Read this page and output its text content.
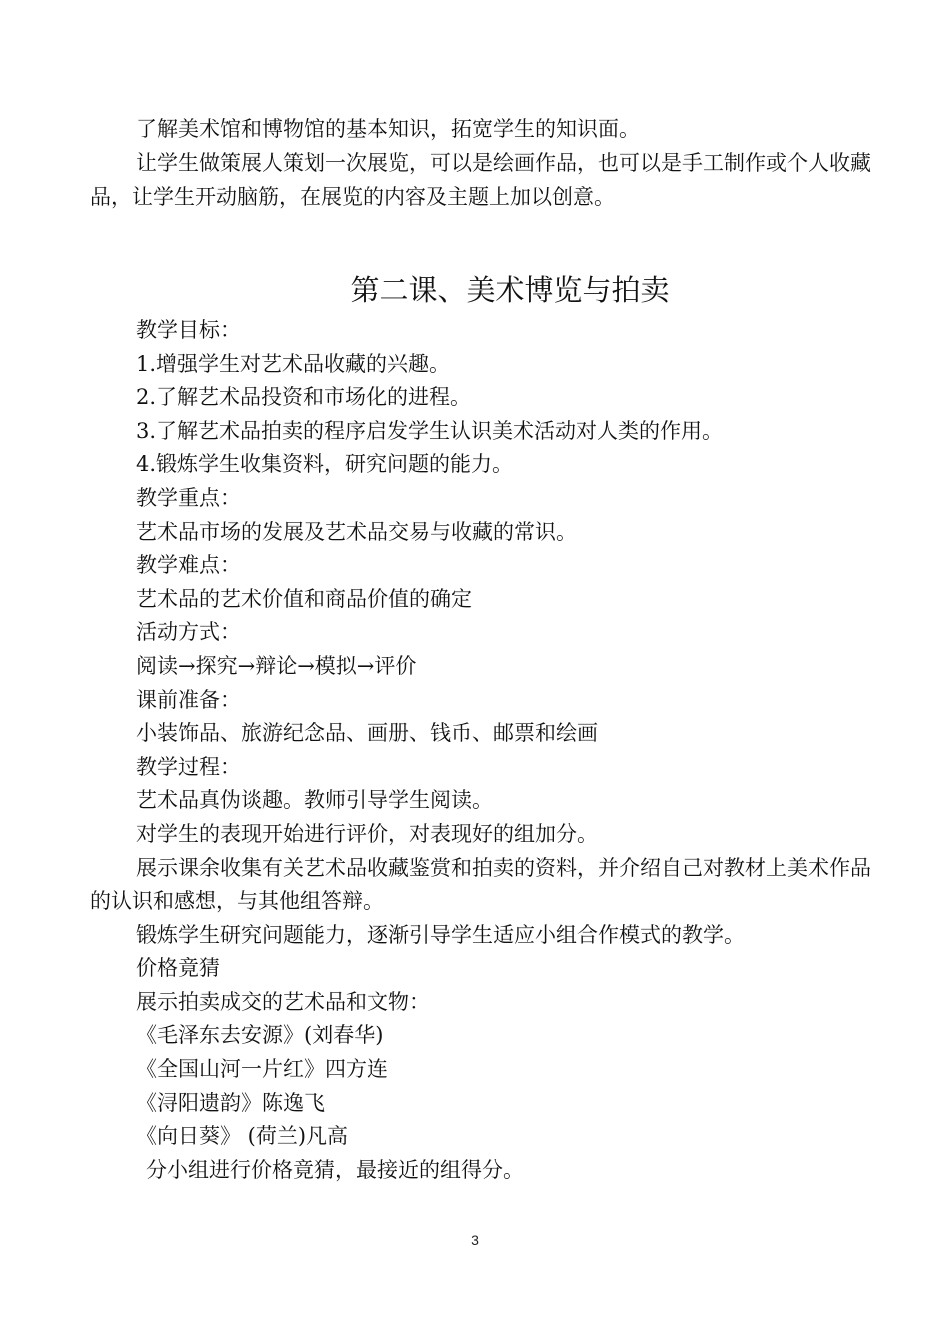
了解美术馆和博物馆的基本知识，拓宽学生的知识面。

让学生做策展人策划一次展览，可以是绘画作品，也可以是手工制作或个人收藏品，让学生开动脑筋，在展览的内容及主题上加以创意。

第二课、美术博览与拍卖

教学目标：

1.增强学生对艺术品收藏的兴趣。

2.了解艺术品投资和市场化的进程。

3.了解艺术品拍卖的程序启发学生认识美术活动对人类的作用。

4.锻炼学生收集资料，研究问题的能力。

教学重点：

艺术品市场的发展及艺术品交易与收藏的常识。

教学难点：

艺术品的艺术价值和商品价值的确定

活动方式：

阅读→探究→辩论→模拟→评价

课前准备：

小装饰品、旅游纪念品、画册、钱币、邮票和绘画

教学过程：

艺术品真伪谈趣。教师引导学生阅读。

对学生的表现开始进行评价，对表现好的组加分。

展示课余收集有关艺术品收藏鉴赏和拍卖的资料，并介绍自己对教材上美术作品的认识和感想，与其他组答辩。

锻炼学生研究问题能力，逐渐引导学生适应小组合作模式的教学。

价格竟猜

展示拍卖成交的艺术品和文物：

《毛泽东去安源》(刘春华)

《全国山河一片红》四方连

《浔阳遗韵》陈逸飞

《向日葵》 (荷兰)凡高

分小组进行价格竟猜，最接近的组得分。

3
